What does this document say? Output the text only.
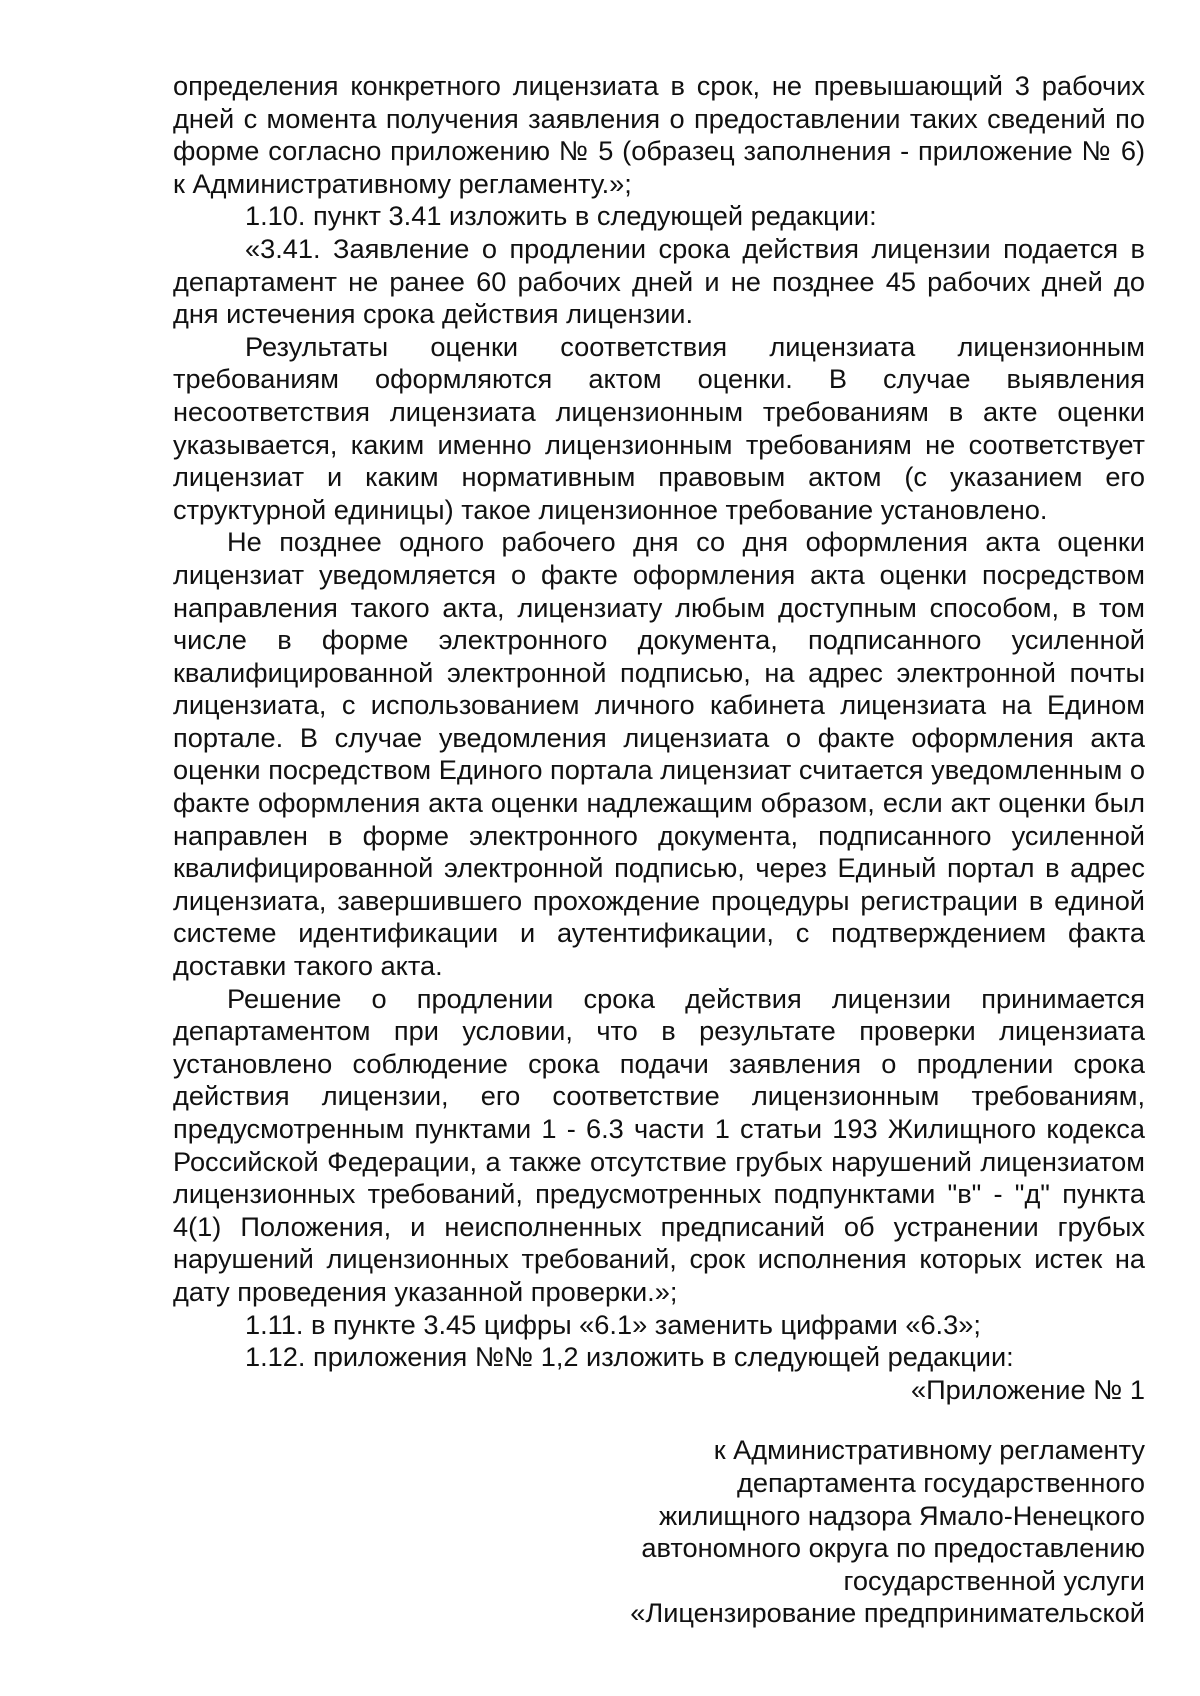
определения конкретного лицензиата в срок, не превышающий 3 рабочих дней с момента получения заявления о предоставлении таких сведений по форме согласно приложению № 5 (образец заполнения - приложение № 6) к Административному регламенту.»;

1.10. пункт 3.41 изложить в следующей редакции:

«3.41. Заявление о продлении срока действия лицензии подается в департамент не ранее 60 рабочих дней и не позднее 45 рабочих дней до дня истечения срока действия лицензии.

Результаты оценки соответствия лицензиата лицензионным требованиям оформляются актом оценки. В случае выявления несоответствия лицензиата лицензионным требованиям в акте оценки указывается, каким именно лицензионным требованиям не соответствует лицензиат и каким нормативным правовым актом (с указанием его структурной единицы) такое лицензионное требование установлено.

Не позднее одного рабочего дня со дня оформления акта оценки лицензиат уведомляется о факте оформления акта оценки посредством направления такого акта, лицензиату любым доступным способом, в том числе в форме электронного документа, подписанного усиленной квалифицированной электронной подписью, на адрес электронной почты лицензиата, с использованием личного кабинета лицензиата на Едином портале. В случае уведомления лицензиата о факте оформления акта оценки посредством Единого портала лицензиат считается уведомленным о факте оформления акта оценки надлежащим образом, если акт оценки был направлен в форме электронного документа, подписанного усиленной квалифицированной электронной подписью, через Единый портал в адрес лицензиата, завершившего прохождение процедуры регистрации в единой системе идентификации и аутентификации, с подтверждением факта доставки такого акта.

Решение о продлении срока действия лицензии принимается департаментом при условии, что в результате проверки лицензиата установлено соблюдение срока подачи заявления о продлении срока действия лицензии, его соответствие лицензионным требованиям, предусмотренным пунктами 1 - 6.3 части 1 статьи 193 Жилищного кодекса Российской Федерации, а также отсутствие грубых нарушений лицензиатом лицензионных требований, предусмотренных подпунктами "в" - "д" пункта 4(1) Положения, и неисполненных предписаний об устранении грубых нарушений лицензионных требований, срок исполнения которых истек на дату проведения указанной проверки.»;

1.11. в пункте 3.45 цифры «6.1» заменить цифрами «6.3»;

1.12. приложения №№ 1,2 изложить в следующей редакции:

«Приложение № 1

к Административному регламенту
департамента государственного
жилищного надзора Ямало-Ненецкого
автономного округа по предоставлению
государственной услуги
«Лицензирование предпринимательской
